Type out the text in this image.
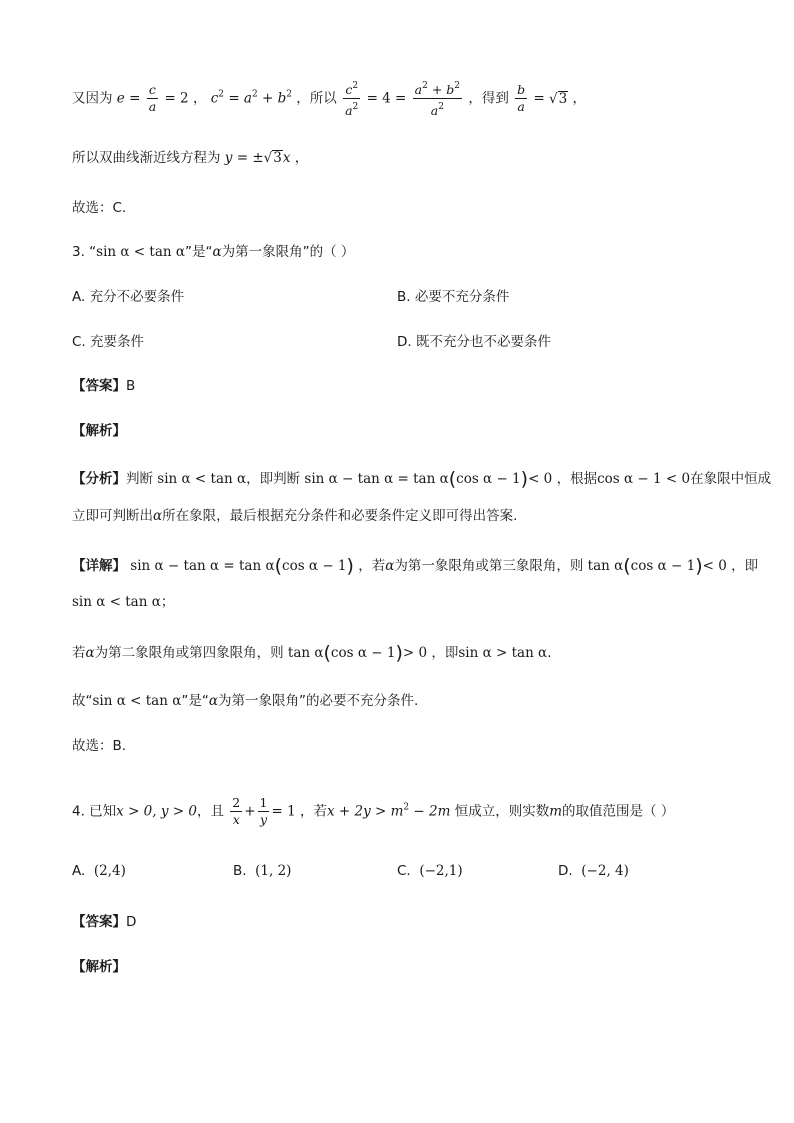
又因为 $e = \frac{c}{a} = 2$ ， $c^2 = a^2 + b^2$ ，所以 $\frac{c^2}{a^2} = 4 = \frac{a^2 + b^2}{a^2}$ ，得到 $\frac{b}{a} = √3$ ，
所以双曲线渐近线方程为 y = ±√3x ，
故选：C.
3. “sin α < tan α”是“α为第一象限角”的（ ）
A. 充分不必要条件	B. 必要不充分条件
C. 充要条件	D. 既不充分也不必要条件
【答案】B
【解析】
【分析】判断 sin α < tan α，即判断 sin α − tan α = tan α(cos α − 1)< 0 ，根据cos α − 1 < 0在象限中恒成
立即可判断出α所在象限，最后根据充分条件和必要条件定义即可得出答案.
【详解】 sin α − tan α = tan α(cos α − 1) ，若α为第一象限角或第三象限角，则 tan α(cos α − 1)< 0 ，即
sin α < tan α；
若α为第二象限角或第四象限角，则 tan α(cos α − 1)> 0 ，即sin α > tan α.
故“sin α < tan α”是“α为第一象限角”的必要不充分条件.
故选：B.
4. 已知x > 0, y > 0，且 $\frac{2}{x} + \frac{1}{y} = 1$ ，若$x + 2y > m^2 - 2m$ 恒成立，则实数m的取值范围是（ ）
A. (2,4)	B. (1, 2)	C. (−2,1)	D. (−2, 4)
【答案】D
【解析】
